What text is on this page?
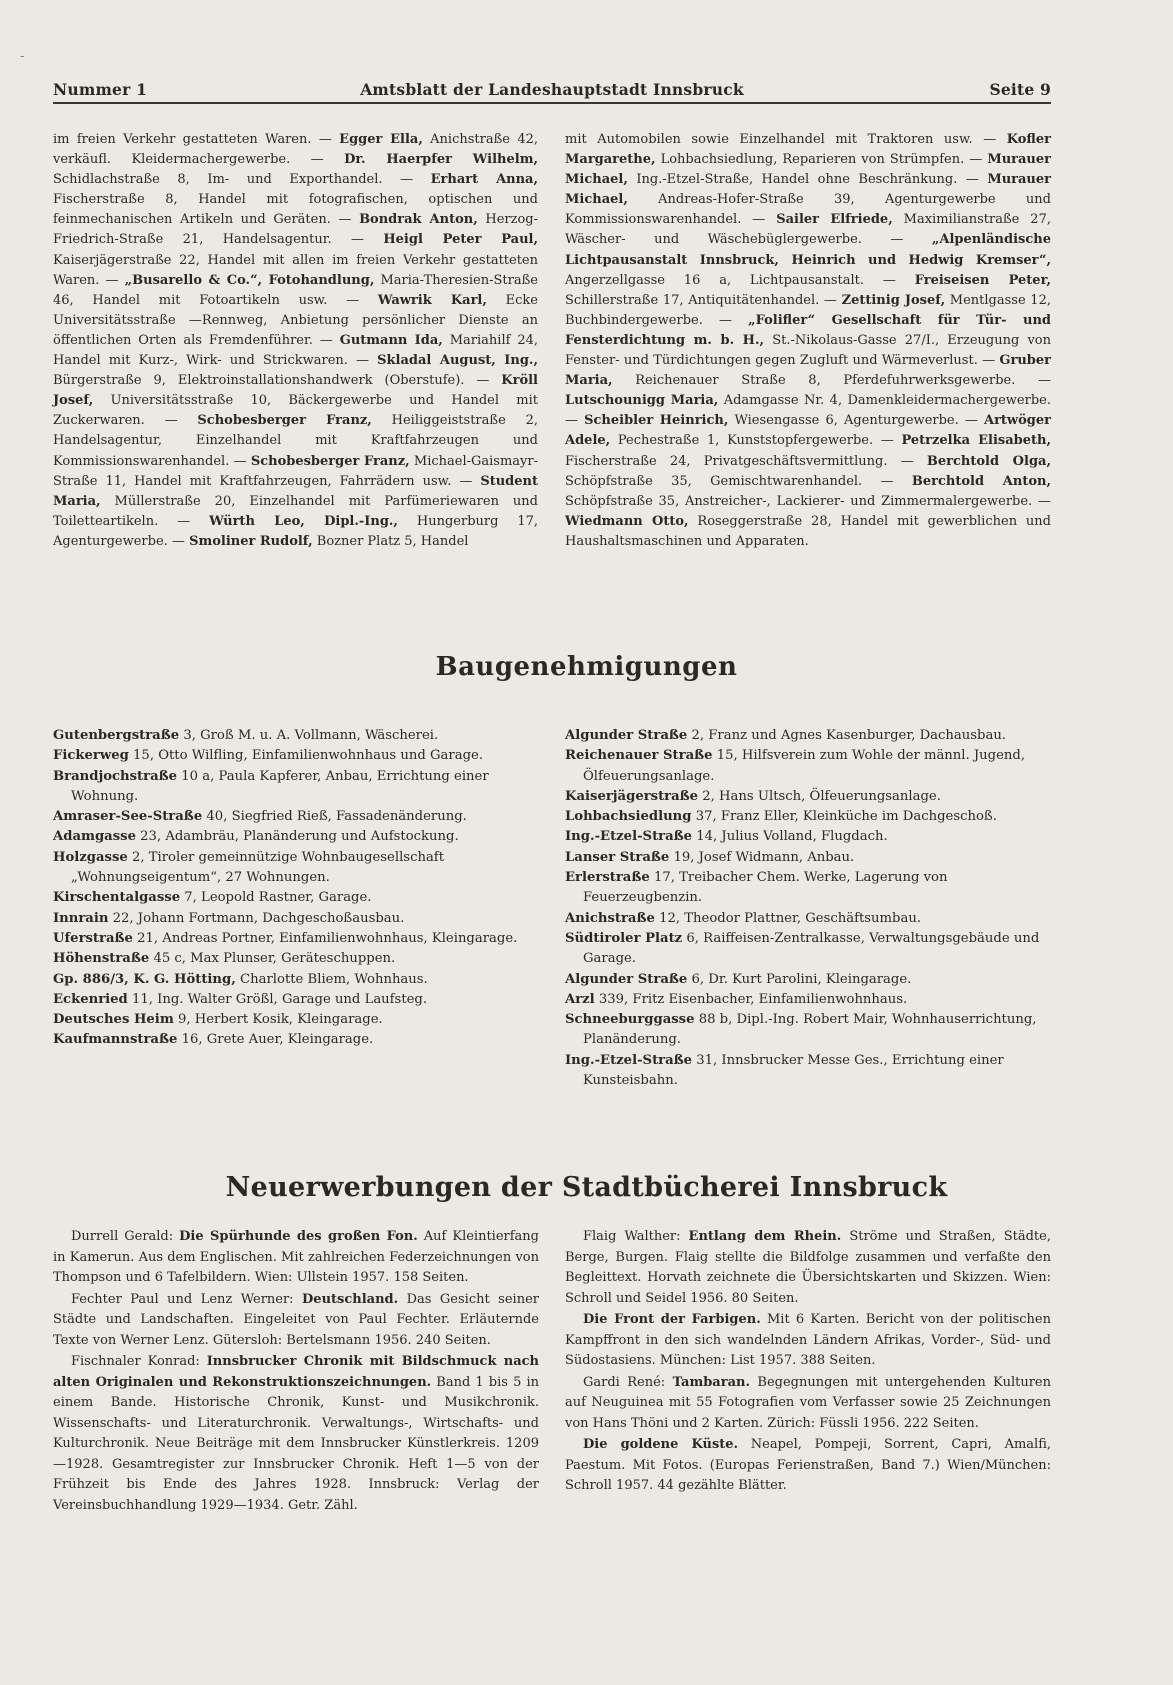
-
Nummer 1	Amtsblatt der Landeshauptstadt Innsbruck	Seite 9

im freien Verkehr gestatteten Waren. — Egger Ella, Anichstraße 42, verkäufl. Kleidermachergewerbe. — Dr. Haerpfer Wilhelm, Schidlachstraße 8, Im- und Exporthandel. — Erhart Anna, Fischerstraße 8, Handel mit fotografischen, optischen und feinmechanischen Artikeln und Geräten. — Bondrak Anton, Herzog-Friedrich-Straße 21, Handelsagentur. — Heigl Peter Paul, Kaiserjägerstraße 22, Handel mit allen im freien Verkehr gestatteten Waren. — „Busarello & Co.“, Fotohandlung, Maria-Theresien-Straße 46, Handel mit Fotoartikeln usw. — Wawrik Karl, Ecke Universitätsstraße —Rennweg, Anbietung persönlicher Dienste an öffentlichen Orten als Fremdenführer. — Gutmann Ida, Mariahilf 24, Handel mit Kurz-, Wirk- und Strickwaren. — Skladal August, Ing., Bürgerstraße 9, Elektroinstallationshandwerk (Oberstufe). — Kröll Josef, Universitätsstraße 10, Bäckergewerbe und Handel mit Zuckerwaren. — Schobesberger Franz, Heiliggeiststraße 2, Handelsagentur, Einzelhandel mit Kraftfahrzeugen und Kommissionswarenhandel. — Schobesberger Franz, Michael-Gaismayr-Straße 11, Handel mit Kraftfahrzeugen, Fahrrädern usw. — Student Maria, Müllerstraße 20, Einzelhandel mit Parfümeriewaren und Toiletteartikeln. — Würth Leo, Dipl.-Ing., Hungerburg 17, Agenturgewerbe. — Smoliner Rudolf, Bozner Platz 5, Handel

mit Automobilen sowie Einzelhandel mit Traktoren usw. — Kofler Margarethe, Lohbachsiedlung, Reparieren von Strümpfen. — Murauer Michael, Ing.-Etzel-Straße, Handel ohne Beschränkung. — Murauer Michael, Andreas-Hofer-Straße 39, Agenturgewerbe und Kommissionswarenhandel. — Sailer Elfriede, Maximilianstraße 27, Wäscher- und Wäschebüglergewerbe. — „Alpenländische Lichtpausanstalt Innsbruck, Heinrich und Hedwig Kremser“, Angerzellgasse 16 a, Lichtpausanstalt. — Freiseisen Peter, Schillerstraße 17, Antiquitätenhandel. — Zettinig Josef, Mentlgasse 12, Buchbindergewerbe. — „Folifler“ Gesellschaft für Tür- und Fensterdichtung m. b. H., St.-Nikolaus-Gasse 27/I., Erzeugung von Fenster- und Türdichtungen gegen Zugluft und Wärmeverlust. — Gruber Maria, Reichenauer Straße 8, Pferdefuhrwerksgewerbe. — Lutschounigg Maria, Adamgasse Nr. 4, Damenkleidermachergewerbe. — Scheibler Heinrich, Wiesengasse 6, Agenturgewerbe. — Artwöger Adele, Pechestraße 1, Kunststopfergewerbe. — Petrzelka Elisabeth, Fischerstraße 24, Privatgeschäftsvermittlung. — Berchtold Olga, Schöpfstraße 35, Gemischtwarenhandel. — Berchtold Anton, Schöpfstraße 35, Anstreicher-, Lackierer- und Zimmermalergewerbe. — Wiedmann Otto, Roseggerstraße 28, Handel mit gewerblichen und Haushaltsmaschinen und Apparaten.

Baugenehmigungen
Gutenbergstraße 3, Groß M. u. A. Vollmann, Wäscherei.
Fickerweg 15, Otto Wilfling, Einfamilienwohnhaus und Garage.
Brandjochstraße 10 a, Paula Kapferer, Anbau, Errichtung einer Wohnung.
Amraser-See-Straße 40, Siegfried Rieß, Fassadenänderung.
Adamgasse 23, Adambräu, Planänderung und Aufstockung.
Holzgasse 2, Tiroler gemeinnützige Wohnbaugesellschaft „Wohnungseigentum“, 27 Wohnungen.
Kirschentalgasse 7, Leopold Rastner, Garage.
Innrain 22, Johann Fortmann, Dachgeschoßausbau.
Uferstraße 21, Andreas Portner, Einfamilienwohnhaus, Kleingarage.
Höhenstraße 45 c, Max Plunser, Geräteschuppen.
Gp. 886/3, K. G. Hötting, Charlotte Bliem, Wohnhaus.
Eckenried 11, Ing. Walter Größl, Garage und Laufsteg.
Deutsches Heim 9, Herbert Kosik, Kleingarage.
Kaufmannstraße 16, Grete Auer, Kleingarage.
Algunder Straße 2, Franz und Agnes Kasenburger, Dachausbau.
Reichenauer Straße 15, Hilfsverein zum Wohle der männl. Jugend, Ölfeuerungsanlage.
Kaiserjägerstraße 2, Hans Ultsch, Ölfeuerungsanlage.
Lohbachsiedlung 37, Franz Eller, Kleinküche im Dachgeschoß.
Ing.-Etzel-Straße 14, Julius Volland, Flugdach.
Lanser Straße 19, Josef Widmann, Anbau.
Erlerstraße 17, Treibacher Chem. Werke, Lagerung von Feuerzeugbenzin.
Anichstraße 12, Theodor Plattner, Geschäftsumbau.
Südtiroler Platz 6, Raiffeisen-Zentralkasse, Verwaltungsgebäude und Garage.
Algunder Straße 6, Dr. Kurt Parolini, Kleingarage.
Arzl 339, Fritz Eisenbacher, Einfamilienwohnhaus.
Schneeburggasse 88 b, Dipl.-Ing. Robert Mair, Wohnhauserrichtung, Planänderung.
Ing.-Etzel-Straße 31, Innsbrucker Messe Ges., Errichtung einer Kunsteisbahn.
Neuerwerbungen der Stadtbücherei Innsbruck

Durrell Gerald: Die Spürhunde des großen Fon. Auf Kleintierfang in Kamerun. Aus dem Englischen. Mit zahlreichen Federzeichnungen von Thompson und 6 Tafelbildern. Wien: Ullstein 1957. 158 Seiten.

Fechter Paul und Lenz Werner: Deutschland. Das Gesicht seiner Städte und Landschaften. Eingeleitet von Paul Fechter. Erläuternde Texte von Werner Lenz. Gütersloh: Bertelsmann 1956. 240 Seiten.

Fischnaler Konrad: Innsbrucker Chronik mit Bildschmuck nach alten Originalen und Rekonstruktionszeichnungen. Band 1 bis 5 in einem Bande. Historische Chronik, Kunst- und Musikchronik. Wissenschafts- und Literaturchronik. Verwaltungs-, Wirtschafts- und Kulturchronik. Neue Beiträge mit dem Innsbrucker Künstlerkreis. 1209—1928. Gesamtregister zur Innsbrucker Chronik. Heft 1—5 von der Frühzeit bis Ende des Jahres 1928. Innsbruck: Verlag der Vereinsbuchhandlung 1929—1934. Getr. Zähl.

Flaig Walther: Entlang dem Rhein. Ströme und Straßen, Städte, Berge, Burgen. Flaig stellte die Bildfolge zusammen und verfaßte den Begleittext. Horvath zeichnete die Übersichtskarten und Skizzen. Wien: Schroll und Seidel 1956. 80 Seiten.

Die Front der Farbigen. Mit 6 Karten. Bericht von der politischen Kampffront in den sich wandelnden Ländern Afrikas, Vorder-, Süd- und Südostasiens. München: List 1957. 388 Seiten.

Gardi René: Tambaran. Begegnungen mit untergehenden Kulturen auf Neuguinea mit 55 Fotografien vom Verfasser sowie 25 Zeichnungen von Hans Thöni und 2 Karten. Zürich: Füssli 1956. 222 Seiten.

Die goldene Küste. Neapel, Pompeji, Sorrent, Capri, Amalfi, Paestum. Mit Fotos. (Europas Ferienstraßen, Band 7.) Wien/München: Schroll 1957. 44 gezählte Blätter.
